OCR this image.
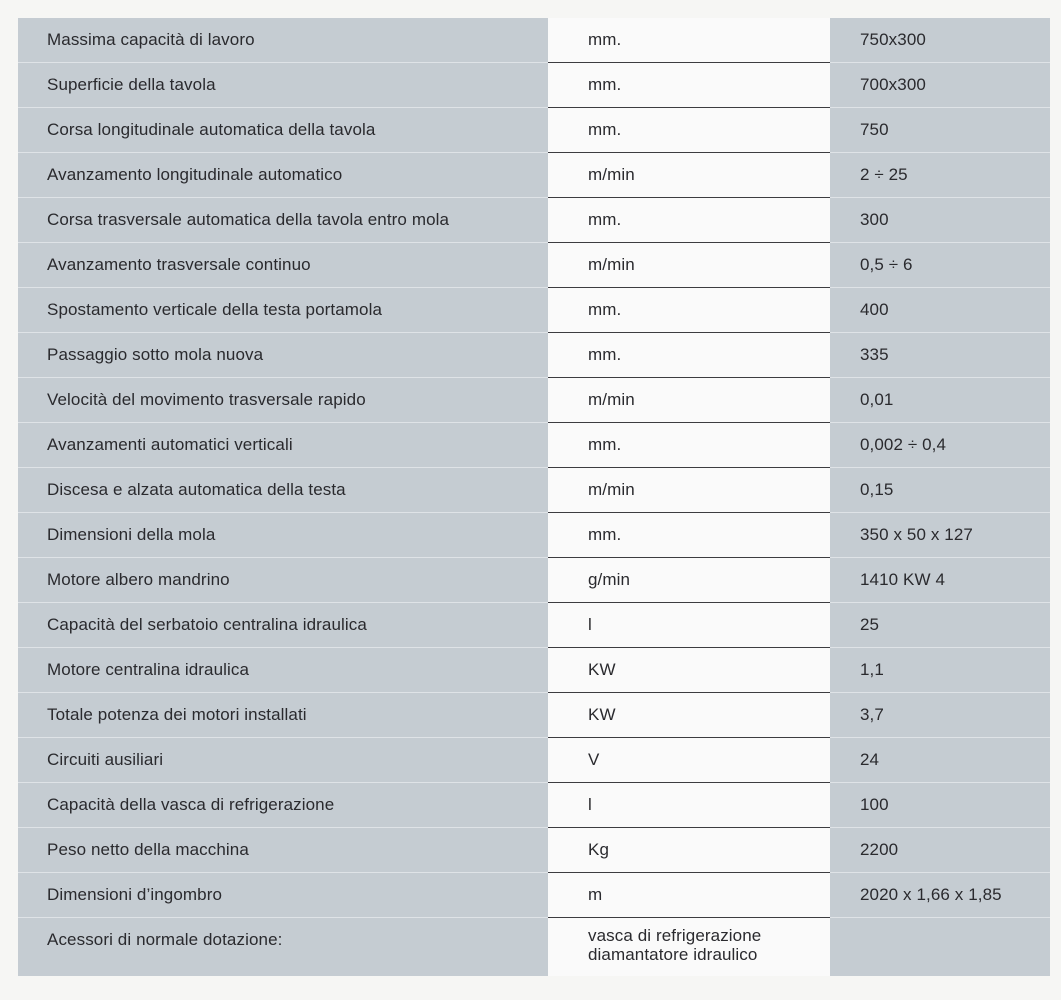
Massima capacità di lavoro	mm.	750x300
Superficie della tavola	mm.	700x300
Corsa longitudinale automatica della tavola	mm.	750
Avanzamento longitudinale automatico	m/min	2 ÷ 25
Corsa trasversale automatica della tavola entro mola	mm.	300
Avanzamento trasversale continuo	m/min	0,5 ÷ 6
Spostamento verticale della testa portamola	mm.	400
Passaggio sotto mola nuova	mm.	335
Velocità del movimento trasversale rapido	m/min	0,01
Avanzamenti automatici verticali	mm.	0,002 ÷ 0,4
Discesa e alzata automatica della testa	m/min	0,15
Dimensioni della mola	mm.	350 x 50 x 127
Motore albero mandrino	g/min	1410 KW 4
Capacità del serbatoio centralina idraulica	l	25
Motore centralina idraulica	KW	1,1
Totale potenza dei motori installati	KW	3,7
Circuiti ausiliari	V	24
Capacità della vasca di refrigerazione	l	100
Peso netto della macchina	Kg	2200
Dimensioni d’ingombro	m	2020 x 1,66 x 1,85
Acessori di normale dotazione:	vasca di refrigerazione
diamantatore idraulico
